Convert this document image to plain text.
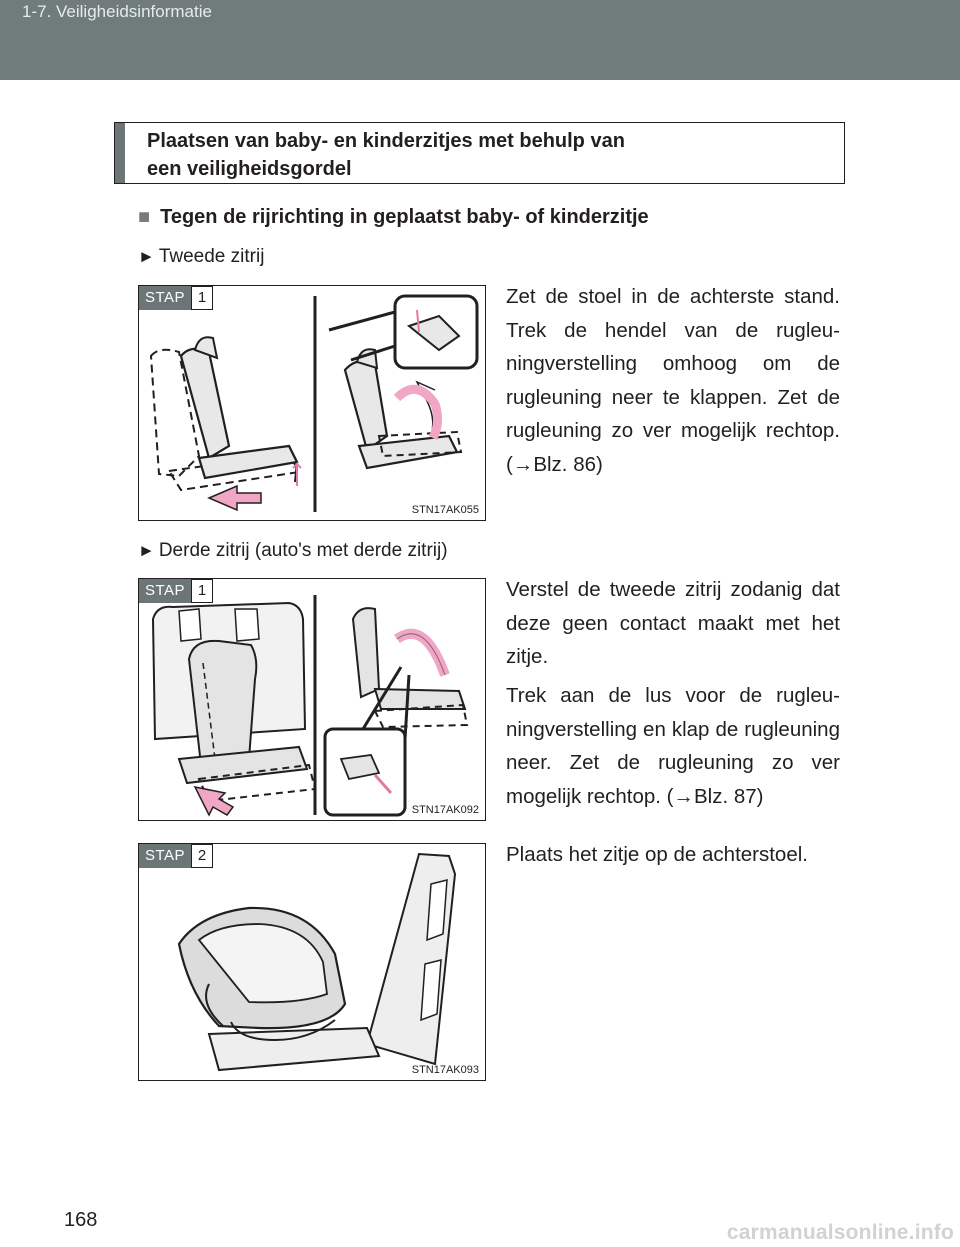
1-7. Veiligheidsinformatie
Plaatsen van baby- en kinderzitjes met behulp van
een veiligheidsgordel
■ Tegen de rijrichting in geplaatst baby- of kinderzitje
► Tweede zitrij
STAP 1
STN17AK055
Zet de stoel in de achterste stand. Trek de hendel van de rugleuningverstelling omhoog om de rugleuning neer te klappen. Zet de rugleuning zo ver mogelijk rechtop. (→Blz. 86)
► Derde zitrij (auto's met derde zitrij)
STAP 1
STN17AK092
Verstel de tweede zitrij zodanig dat deze geen contact maakt met het zitje.
Trek aan de lus voor de rugleuningverstelling en klap de rugleuning neer. Zet de rugleuning zo ver mogelijk rechtop. (→Blz. 87)
STAP 2
STN17AK093
Plaats het zitje op de achterstoel.
168
carmanualsonline.info
